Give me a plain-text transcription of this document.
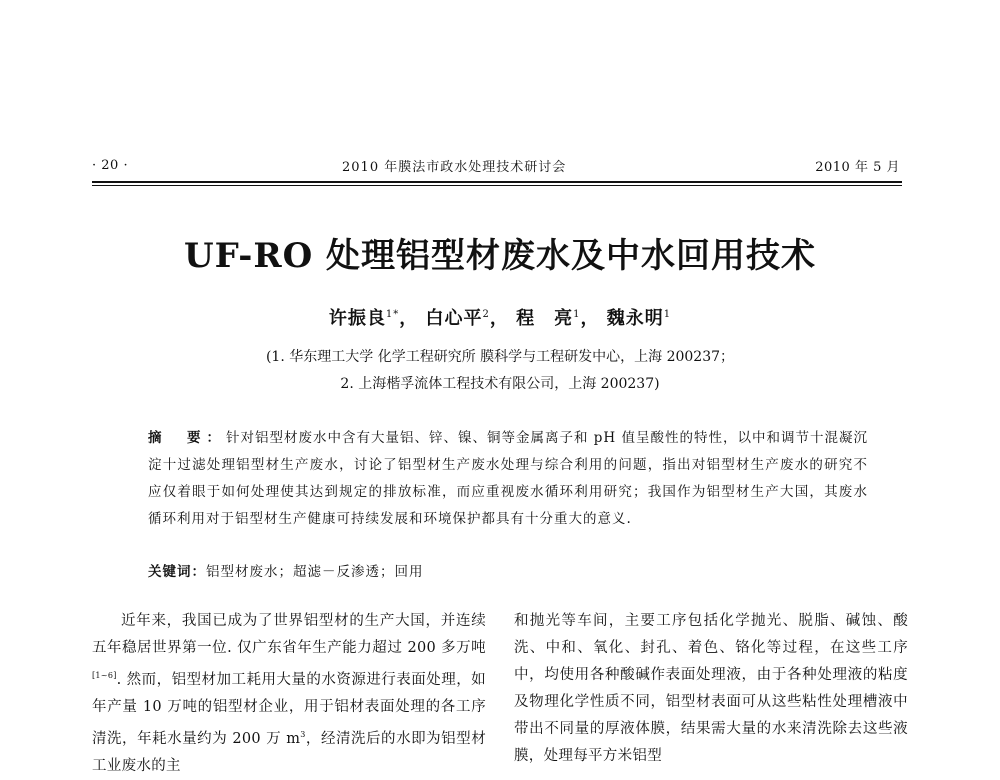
· 20 ·	2010 年膜法市政水处理技术研讨会	2010 年 5 月
UF-RO 处理铝型材废水及中水回用技术
许振良$^{1*}$， 白心平$^2$， 程　亮$^1$， 魏永明$^1$
(1. 华东理工大学 化学工程研究所 膜科学与工程研发中心，上海 200237；
2. 上海楷孚流体工程技术有限公司，上海 200237)
摘　要：针对铝型材废水中含有大量铝、锌、镍、铜等金属离子和 pH 值呈酸性的特性，以中和调节十混凝沉淀十过滤处理铝型材生产废水，讨论了铝型材生产废水处理与综合利用的问题，指出对铝型材生产废水的研究不应仅着眼于如何处理使其达到规定的排放标准，而应重视废水循环利用研究；我国作为铝型材生产大国，其废水循环利用对于铝型材生产健康可持续发展和环境保护都具有十分重大的意义.
关键词：铝型材废水；超滤－反渗透；回用
近年来，我国已成为了世界铝型材的生产大国，并连续五年稳居世界第一位. 仅广东省年生产能力超过 200 多万吨[1~6]. 然而，铝型材加工耗用大量的水资源进行表面处理，如年产量 10 万吨的铝型材企业，用于铝材表面处理的各工序清洗，年耗水量约为 200 万 $m^3$，经清洗后的水即为铝型材工业废水的主
和抛光等车间，主要工序包括化学抛光、脱脂、碱蚀、酸洗、中和、氧化、封孔、着色、铬化等过程，在这些工序中，均使用各种酸碱作表面处理液，由于各种处理液的粘度及物理化学性质不同，铝型材表面可从这些粘性处理槽液中带出不同量的厚液体膜，结果需大量的水来清洗除去这些液膜，处理每平方米铝型
